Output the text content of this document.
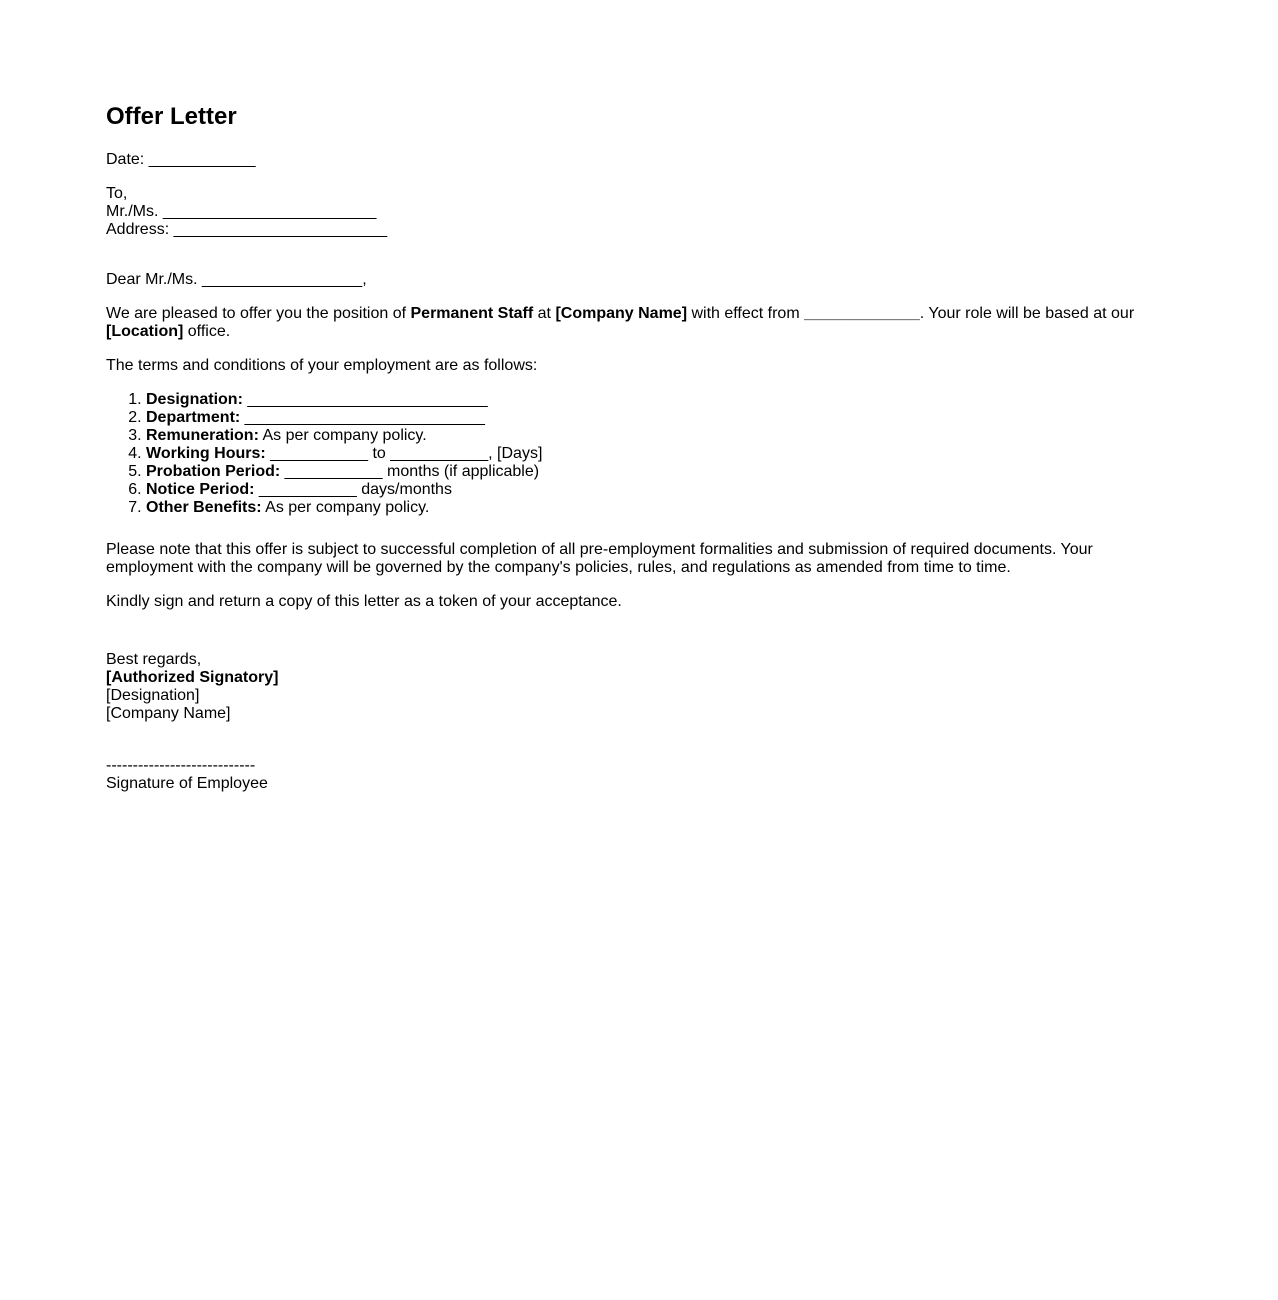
Offer Letter

Date: ____________

To,
Mr./Ms. ________________________
Address: ________________________

Dear Mr./Ms. __________________,

We are pleased to offer you the position of Permanent Staff at [Company Name] with effect from _____________. Your role will be based at our [Location] office.

The terms and conditions of your employment are as follows:

1. Designation: ___________________________
2. Department: ___________________________
3. Remuneration: As per company policy.
4. Working Hours: ___________ to ___________, [Days]
5. Probation Period: ___________ months (if applicable)
6. Notice Period: ___________ days/months
7. Other Benefits: As per company policy.

Please note that this offer is subject to successful completion of all pre-employment formalities and submission of required documents. Your employment with the company will be governed by the company's policies, rules, and regulations as amended from time to time.

Kindly sign and return a copy of this letter as a token of your acceptance.

Best regards,
[Authorized Signatory]
[Designation]
[Company Name]
----------------------------
Signature of Employee
